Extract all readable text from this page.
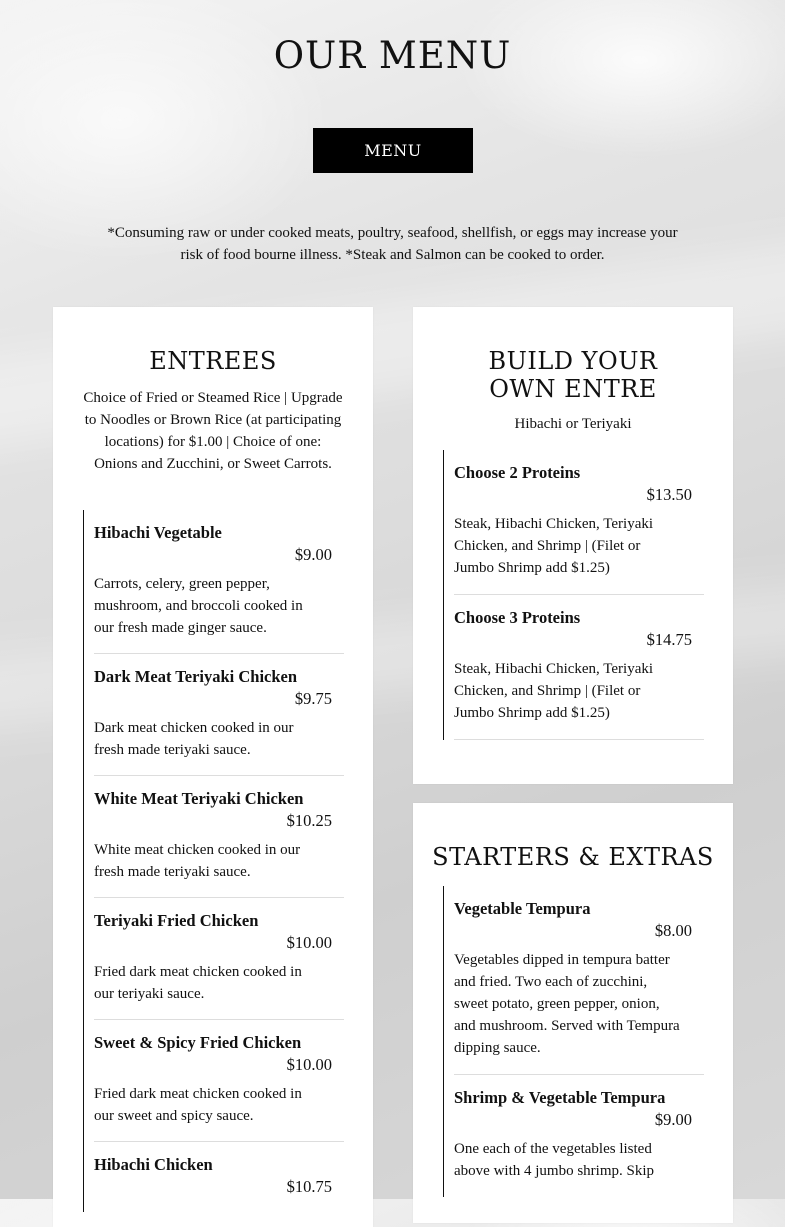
OUR MENU
MENU

*Consuming raw or under cooked meats, poultry, seafood, shellfish, or eggs may increase your risk of food bourne illness. *Steak and Salmon can be cooked to order.

ENTREES

Choice of Fried or Steamed Rice | Upgrade to Noodles or Brown Rice (at participating locations) for $1.00 | Choice of one: Onions and Zucchini, or Sweet Carrots.

Hibachi Vegetable
$9.00

Carrots, celery, green pepper, mushroom, and broccoli cooked in our fresh made ginger sauce.

Dark Meat Teriyaki Chicken
$9.75

Dark meat chicken cooked in our fresh made teriyaki sauce.

White Meat Teriyaki Chicken
$10.25

White meat chicken cooked in our fresh made teriyaki sauce.

Teriyaki Fried Chicken
$10.00

Fried dark meat chicken cooked in our teriyaki sauce.

Sweet & Spicy Fried Chicken
$10.00

Fried dark meat chicken cooked in our sweet and spicy sauce.

Hibachi Chicken
$10.75
BUILD YOUR OWN ENTRE

Hibachi or Teriyaki

Choose 2 Proteins
$13.50

Steak, Hibachi Chicken, Teriyaki Chicken, and Shrimp | (Filet or Jumbo Shrimp add $1.25)

Choose 3 Proteins
$14.75

Steak, Hibachi Chicken, Teriyaki Chicken, and Shrimp | (Filet or Jumbo Shrimp add $1.25)

STARTERS & EXTRAS
Vegetable Tempura
$8.00

Vegetables dipped in tempura batter and fried. Two each of zucchini, sweet potato, green pepper, onion, and mushroom. Served with Tempura dipping sauce.

Shrimp & Vegetable Tempura
$9.00

One each of the vegetables listed above with 4 jumbo shrimp. Skip
